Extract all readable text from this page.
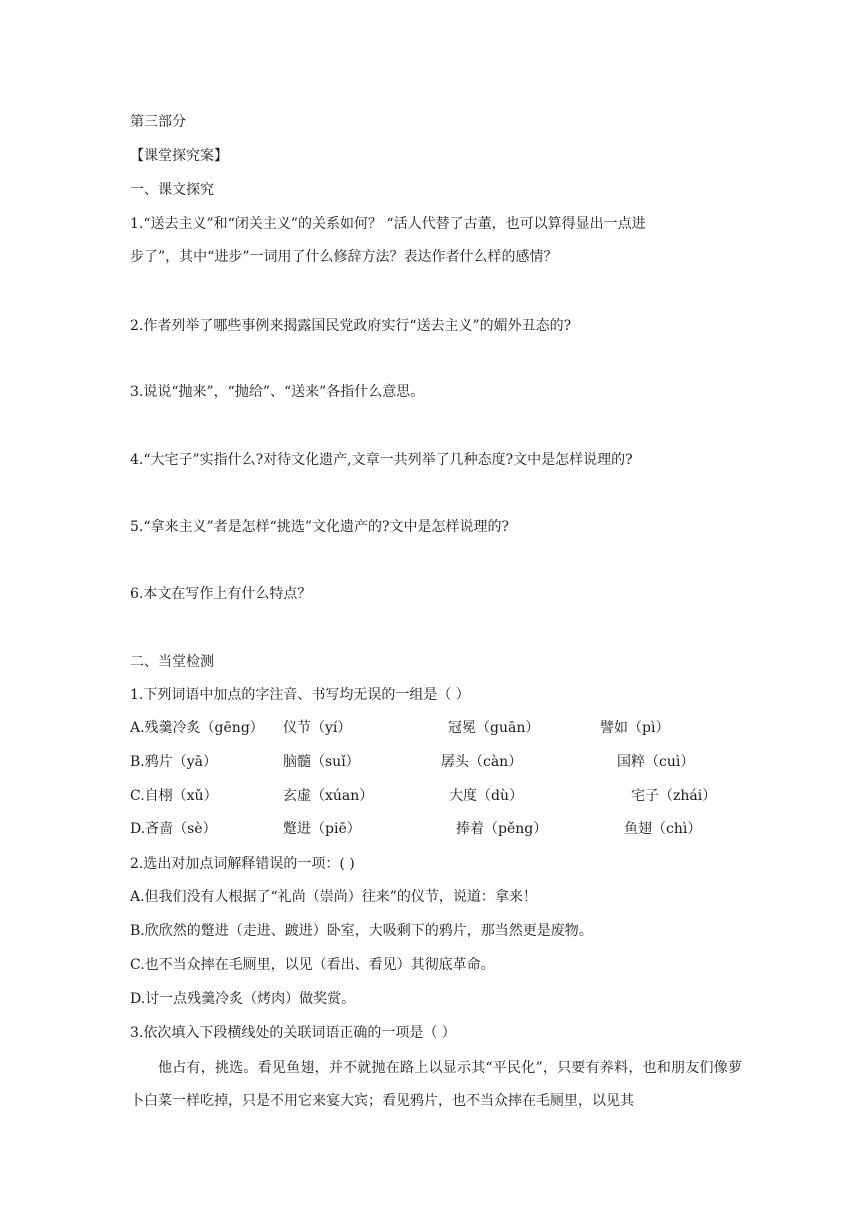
第三部分
【课堂探究案】
一、课文探究
1.“送去主义”和“闭关主义”的关系如何？ “活人代替了古董，也可以算得显出一点进
步了”，其中“进步”一词用了什么修辞方法？表达作者什么样的感情？
2.作者列举了哪些事例来揭露国民党政府实行“送去主义”的媚外丑态的?
3.说说“抛来”，“抛给”、“送来”各指什么意思。
4.“大宅子”实指什么?对待文化遗产,文章一共列举了几种态度?文中是怎样说理的?
5.“拿来主义”者是怎样“挑选”文化遗产的?文中是怎样说理的?
6.本文在写作上有什么特点？
二、当堂检测
1.下列词语中加点的字注音、书写均无误的一组是（ ）
A.残羹冷炙（gēng） 仪节（yí）	冠冕（guān）	譬如（pì）
B.鸦片（yā）	脑髓（suǐ）	孱头（càn）	国粹（cuì）
C.自栩（xǔ）	玄虚（xúan）	大度（dù）	宅子（zhái）
D.吝啬（sè）	蹩进（piē）	捧着（pěng）	鱼翅（chì）
2.选出对加点词解释错误的一项：( )
A.但我们没有人根据了“礼尚（崇尚）往来”的仪节，说道：拿来！
B.欣欣然的蹩进（走进、踱进）卧室，大吸剩下的鸦片，那当然更是废物。
C.也不当众摔在毛厕里，以见（看出、看见）其彻底革命。
D.讨一点残羹冷炙（烤肉）做奖赏。
3.依次填入下段横线处的关联词语正确的一项是（ ）
他占有，挑选。看见鱼翅，并不就抛在路上以显示其“平民化”，只要有养料，也和朋友们像萝卜白菜一样吃掉，只是不用它来宴大宾；看见鸦片，也不当众摔在毛厕里，以见其
